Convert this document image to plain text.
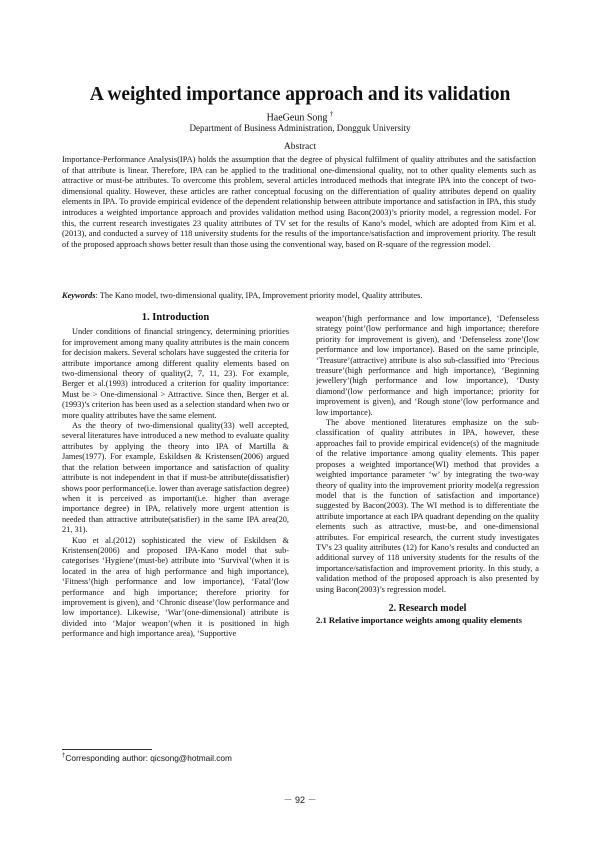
A weighted importance approach and its validation
HaeGeun Song †
Department of Business Administration, Dongguk University
Abstract
Importance-Performance Analysis(IPA) holds the assumption that the degree of physical fulfilment of quality attributes and the satisfaction of that attribute is linear. Therefore, IPA can be applied to the traditional one-dimensional quality, not to other quality elements such as attractive or must-be attributes. To overcome this problem, several articles introduced methods that integrate IPA into the concept of two-dimensional quality. However, these articles are rather conceptual focusing on the differentiation of quality attributes depend on quality elements in IPA. To provide empirical evidence of the dependent relationship between attribute importance and satisfaction in IPA, this study introduces a weighted importance approach and provides validation method using Bacon(2003)’s priority model, a regression model. For this, the current research investigates 23 quality attributes of TV set for the results of Kano’s model, which are adopted from Kim et al.(2013), and conducted a survey of 118 university students for the results of the importance/satisfaction and improvement priority. The result of the proposed approach shows better result than those using the conventional way, based on R-square of the regression model.
Keywords: The Kano model, two-dimensional quality, IPA, Improvement priority model, Quality attributes.
1. Introduction

Under conditions of financial stringency, determining priorities for improvement among many quality attributes is the main concern for decision makers. Several scholars have suggested the criteria for attribute importance among different quality elements based on two-dimensional theory of quality(2, 7, 11, 23). For example, Berger et al.(1993) introduced a criterion for quality importance: Must be > One-dimensional > Attractive. Since then, Berger et al.(1993)’s criterion has been used as a selection standard when two or more quality attributes have the same element.

As the theory of two-dimensional quality(33) well accepted, several literatures have introduced a new method to evaluate quality attributes by applying the theory into IPA of Martilla & James(1977). For example, Eskildsen & Kristensen(2006) argued that the relation between importance and satisfaction of quality attribute is not independent in that if must-be attribute(dissatisfier) shows poor performance(i.e. lower than average satisfaction degree) when it is perceived as important(i.e. higher than average importance degree) in IPA, relatively more urgent attention is needed than attractive attribute(satisfier) in the same IPA area(20, 21, 31).

Kuo et al.(2012) sophisticated the view of Eskildsen & Kristensen(2006) and proposed IPA-Kano model that sub-categorises ‘Hygiene’(must-be) attribute into ‘Survival’(when it is located in the area of high performance and high importance), ‘Fitness’(high performance and low importance), ‘Fatal’(low performance and high importance; therefore priority for improvement is given), and ‘Chronic disease’(low performance and low importance). Likewise, ‘War’(one-dimensional) attribute is divided into ‘Major weapon’(when it is positioned in high performance and high importance area), ‘Supportive

weapon’(high performance and low importance), ‘Defenseless strategy point’(low performance and high importance; therefore priority for improvement is given), and ‘Defenseless zone’(low performance and low importance). Based on the same principle, ‘Treasure’(attractive) attribute is also sub-classified into ‘Precious treasure’(high performance and high importance), ‘Beginning jewellery’(high performance and low importance), ‘Dusty diamond’(low performance and high importance; priority for improvement is given), and ‘Rough stone’(low performance and low importance).

The above mentioned literatures emphasize on the sub-classification of quality attributes in IPA, however, these approaches fail to provide empirical evidence(s) of the magnitude of the relative importance among quality elements. This paper proposes a weighted importance(WI) method that provides a weighted importance parameter ‘w’ by integrating the two-way theory of quality into the improvement priority model(a regression model that is the function of satisfaction and importance) suggested by Bacon(2003). The WI method is to differentiate the attribute importance at each IPA quadrant depending on the quality elements such as attractive, must-be, and one-dimensional attributes. For empirical research, the current study investigates TV's 23 quality attributes (12) for Kano’s results and conducted an additional survey of 118 university students for the results of the importance/satisfaction and improvement priority. In this study, a validation method of the proposed approach is also presented by using Bacon(2003)’s regression model.

2. Research model
2.1 Relative importance weights among quality elements
†Corresponding author: qicsong@hotmail.com
－ 92 －
